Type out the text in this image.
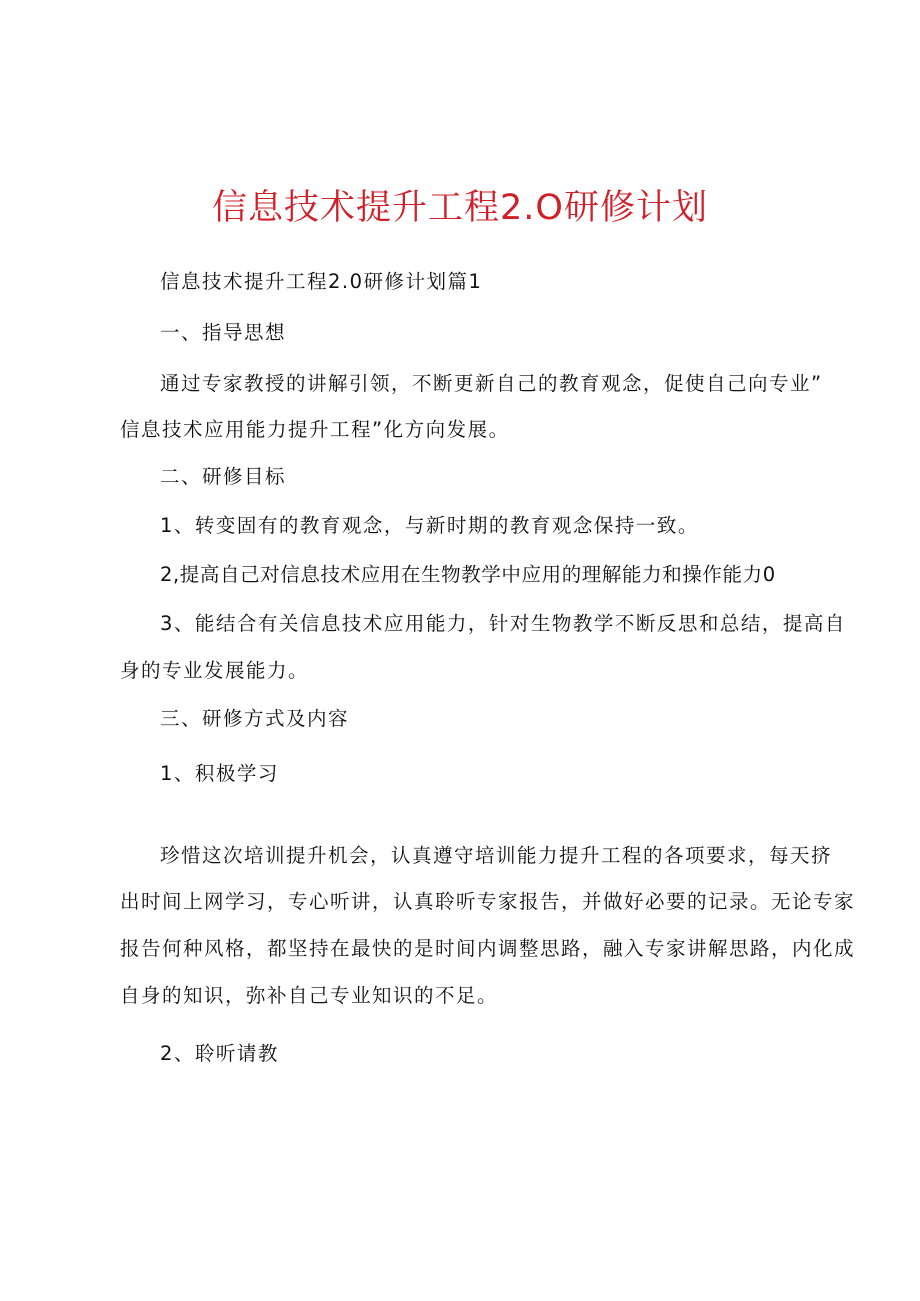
信息技术提升工程2.O研修计划
信息技术提升工程2.0研修计划篇1
一、指导思想
通过专家教授的讲解引领，不断更新自己的教育观念，促使自己向专业”
信息技术应用能力提升工程”化方向发展。
二、研修目标
1、转变固有的教育观念，与新时期的教育观念保持一致。
2,提高自己对信息技术应用在生物教学中应用的理解能力和操作能力0
3、能结合有关信息技术应用能力，针对生物教学不断反思和总结，提高自
身的专业发展能力。
三、研修方式及内容
1、积极学习
珍惜这次培训提升机会，认真遵守培训能力提升工程的各项要求，每天挤
出时间上网学习，专心听讲，认真聆听专家报告，并做好必要的记录。无论专家
报告何种风格，都坚持在最快的是时间内调整思路，融入专家讲解思路，内化成
自身的知识，弥补自己专业知识的不足。
2、聆听请教
